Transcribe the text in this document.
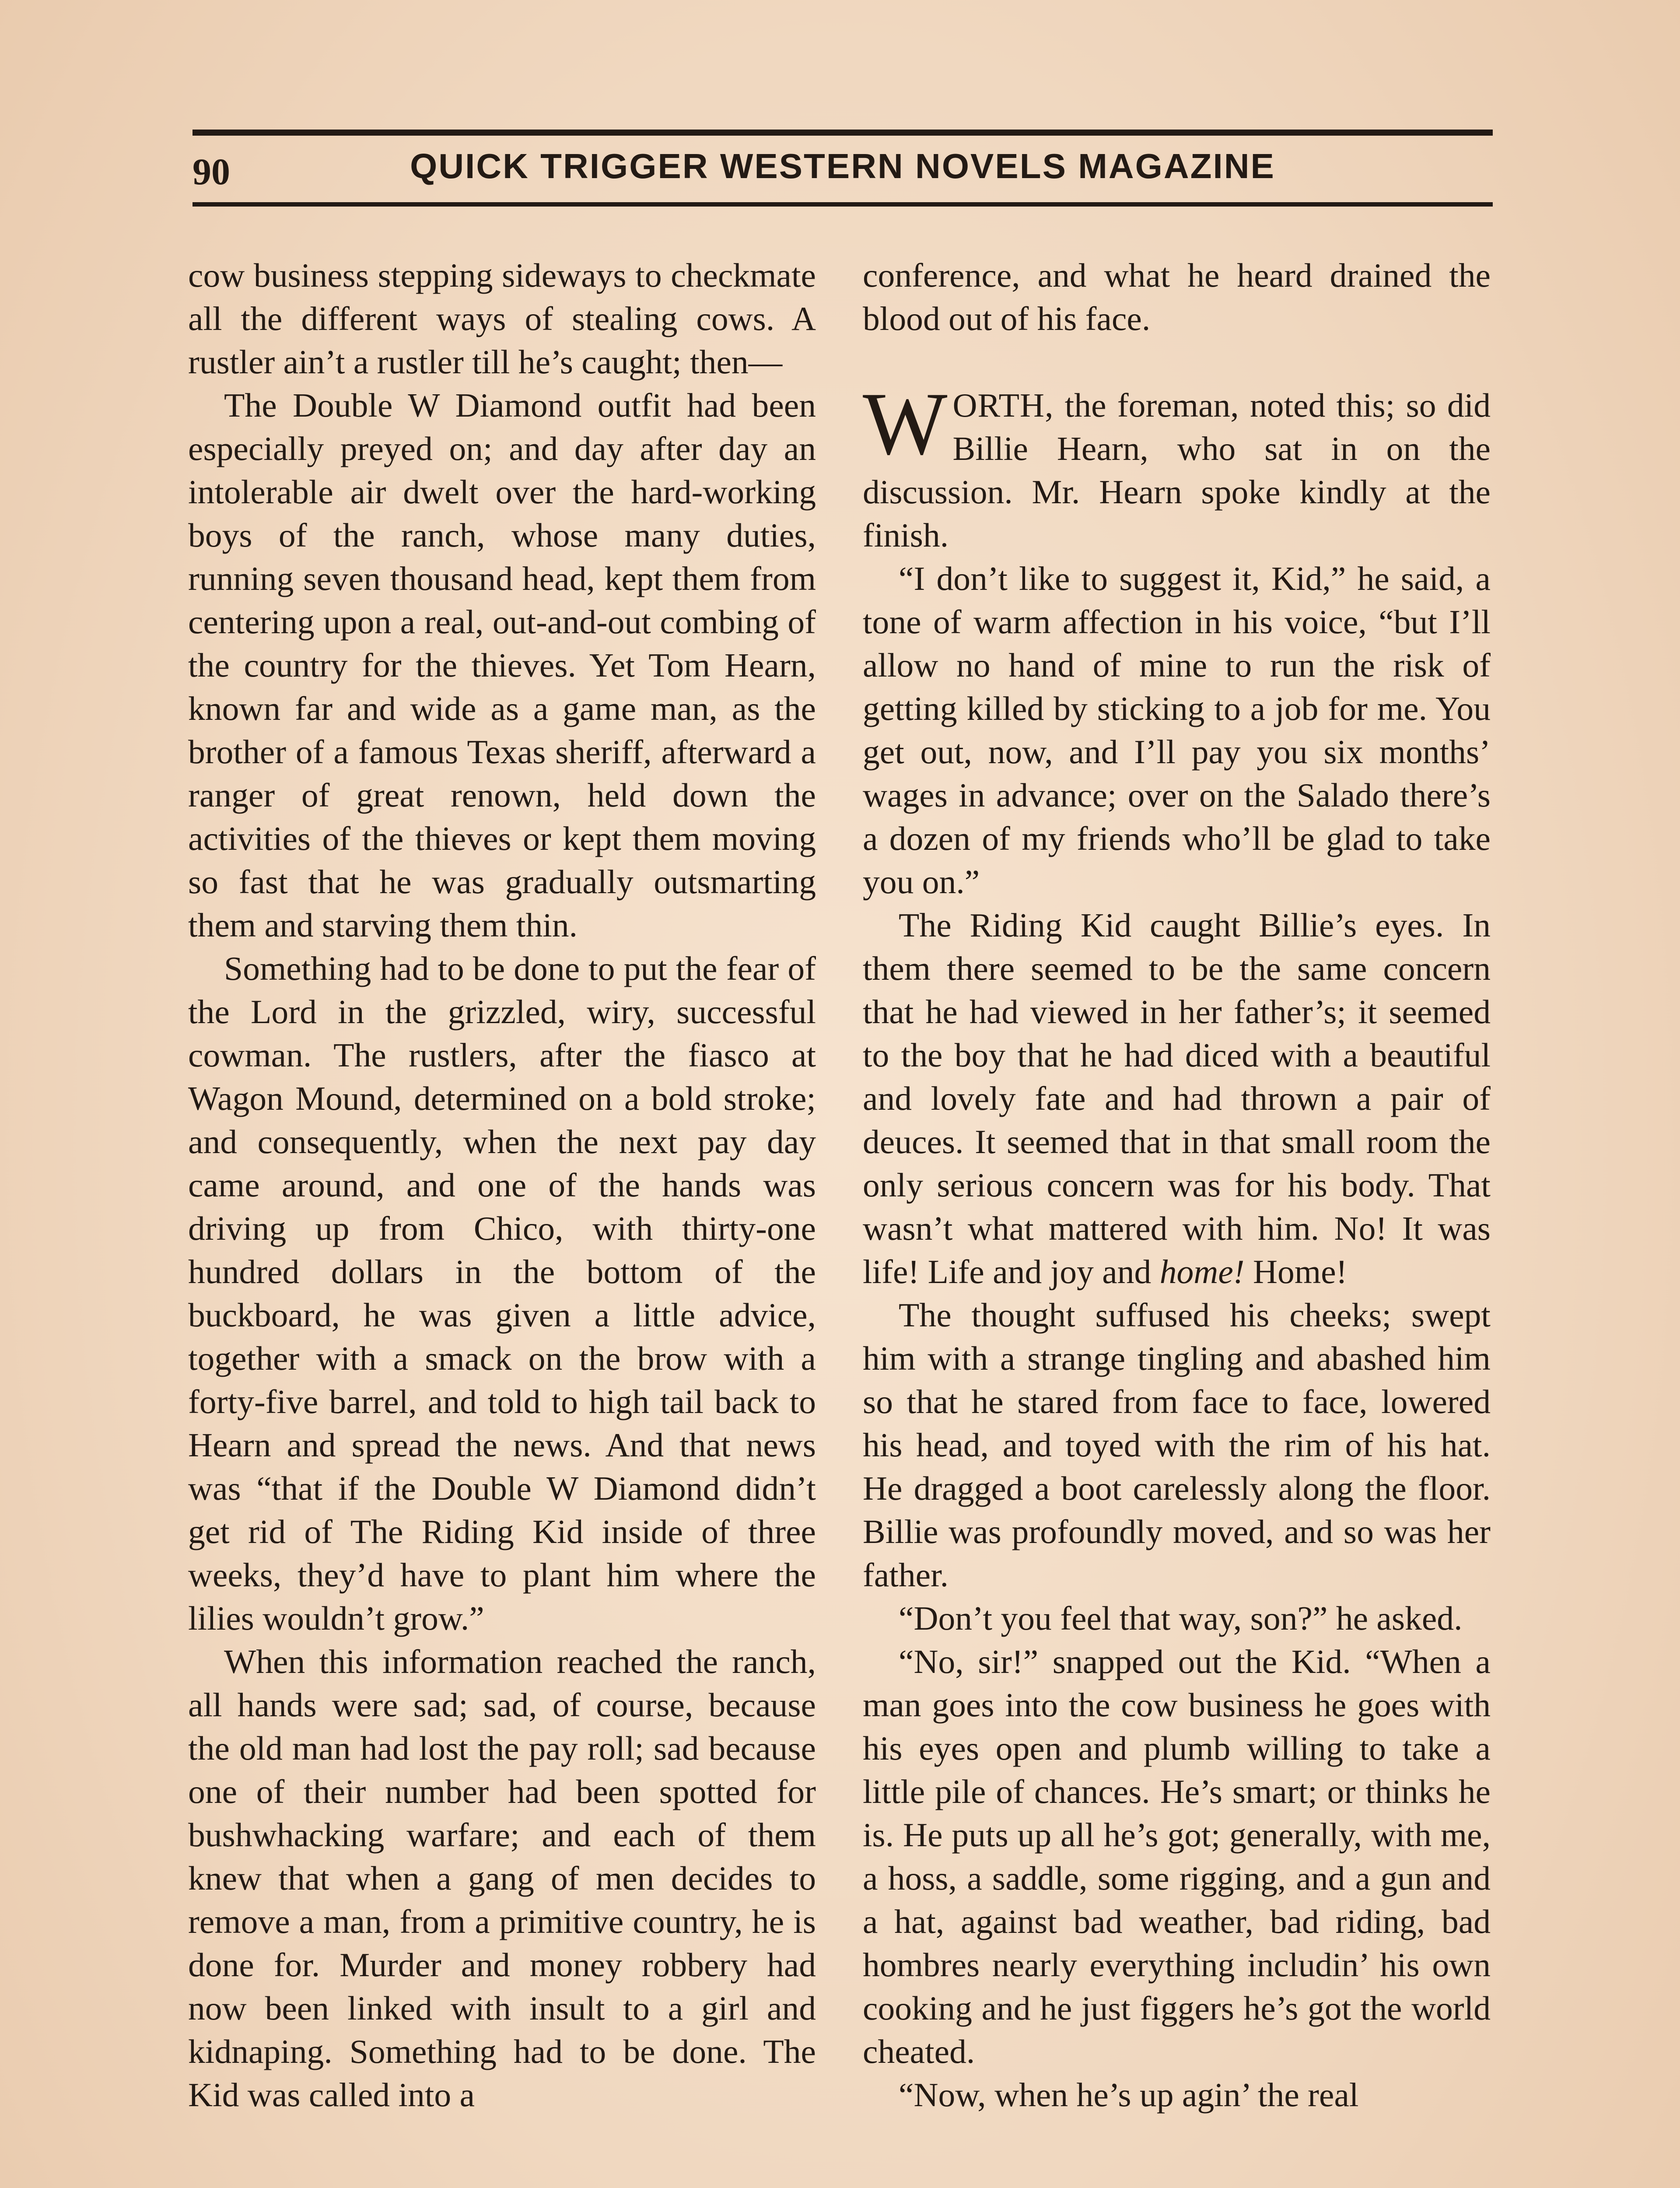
90	QUICK TRIGGER WESTERN NOVELS MAGAZINE

cow business stepping sideways to checkmate all the different ways of stealing cows. A rustler ain’t a rustler till he’s caught; then—

The Double W Diamond outfit had been especially preyed on; and day after day an intolerable air dwelt over the hard-working boys of the ranch, whose many duties, running seven thousand head, kept them from centering upon a real, out-and-out combing of the country for the thieves. Yet Tom Hearn, known far and wide as a game man, as the brother of a famous Texas sheriff, afterward a ranger of great renown, held down the activities of the thieves or kept them moving so fast that he was gradually outsmarting them and starving them thin.

Something had to be done to put the fear of the Lord in the grizzled, wiry, successful cowman. The rustlers, after the fiasco at Wagon Mound, determined on a bold stroke; and consequently, when the next pay day came around, and one of the hands was driving up from Chico, with thirty-one hundred dollars in the bottom of the buckboard, he was given a little advice, together with a smack on the brow with a forty-five barrel, and told to high tail back to Hearn and spread the news. And that news was “that if the Double W Diamond didn’t get rid of The Riding Kid inside of three weeks, they’d have to plant him where the lilies wouldn’t grow.”

When this information reached the ranch, all hands were sad; sad, of course, because the old man had lost the pay roll; sad because one of their number had been spotted for bushwhacking warfare; and each of them knew that when a gang of men decides to remove a man, from a primitive country, he is done for. Murder and money robbery had now been linked with insult to a girl and kidnaping. Something had to be done. The Kid was called into a

conference, and what he heard drained the blood out of his face.

WORTH, the foreman, noted this; so did Billie Hearn, who sat in on the discussion. Mr. Hearn spoke kindly at the finish.

“I don’t like to suggest it, Kid,” he said, a tone of warm affection in his voice, “but I’ll allow no hand of mine to run the risk of getting killed by sticking to a job for me. You get out, now, and I’ll pay you six months’ wages in advance; over on the Salado there’s a dozen of my friends who’ll be glad to take you on.”

The Riding Kid caught Billie’s eyes. In them there seemed to be the same concern that he had viewed in her father’s; it seemed to the boy that he had diced with a beautiful and lovely fate and had thrown a pair of deuces. It seemed that in that small room the only serious concern was for his body. That wasn’t what mattered with him. No! It was life! Life and joy and home! Home!

The thought suffused his cheeks; swept him with a strange tingling and abashed him so that he stared from face to face, lowered his head, and toyed with the rim of his hat. He dragged a boot carelessly along the floor. Billie was profoundly moved, and so was her father.

“Don’t you feel that way, son?” he asked.

“No, sir!” snapped out the Kid. “When a man goes into the cow business he goes with his eyes open and plumb willing to take a little pile of chances. He’s smart; or thinks he is. He puts up all he’s got; generally, with me, a hoss, a saddle, some rigging, and a gun and a hat, against bad weather, bad riding, bad hombres nearly everything includin’ his own cooking and he just figgers he’s got the world cheated.

“Now, when he’s up agin’ the real
